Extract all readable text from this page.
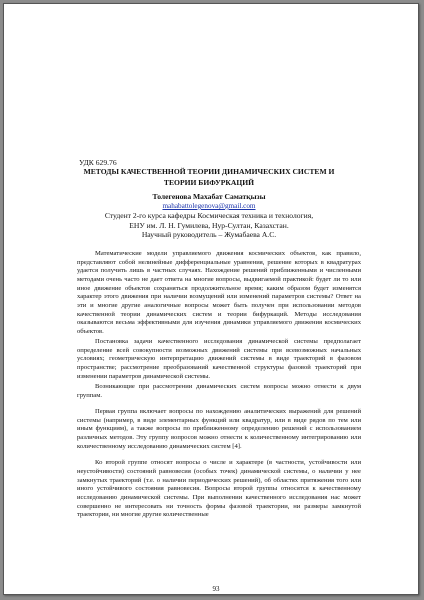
УДК 629.76
МЕТОДЫ КАЧЕСТВЕННОЙ ТЕОРИИ ДИНАМИЧЕСКИХ СИСТЕМ И
ТЕОРИИ БИФУРКАЦИЙ
Толегенова Махабат Саматқызы
mahabattolegenova@gmail.com
Студент 2-го курса кафедры Космическая техника и технология,
ЕНУ им. Л. Н. Гумилева, Нур-Султан, Казахстан.
Научный руководитель – Жумабаева А.С.

Математические модели управляемого движения космических объектов, как правило, представляют собой нелинейные дифференциальные уравнения, решение которых в квадратурах удается получить лишь в частных случаях. Нахождение решений приближенными и численными методами очень часто не дает ответа на многие вопросы, выдвигаемой практикой: будет ли то или иное движение объектов сохраняться продолжительное время; каким образом будет изменятся характер этого движения при наличии возмущений или изменений параметров системы? Ответ на эти и многие другие аналогичные вопросы может быть получен при использовании методов качественной теории динамических систем и теории бифуркаций. Методы исследования оказываются весьма эффективными для изучения динамики управляемого движения космических объектов.

Постановка задачи качественного исследования динамической системы предполагает определение всей совокупности возможных движений системы при всевозможных начальных условиях; геометрическую интерпретацию движений системы в виде траекторий в фазовом пространстве; рассмотрение преобразований качественной структуры фазовой траекторий при изменении параметров динамической системы.

Возникающие при рассмотрении динамических систем вопросы можно отнести к двум группам.

Первая группа включает вопросы по нахождению аналитических выражений для решений системы (например, в виде элементарных функций или квадратур, или в виде рядов по тем или иным функциям), а также вопросы по приближенному определению решений с использованием различных методов. Эту группу вопросов можно отнести к количественному интегрированию или количественному исследованию динамических систем [4].

Ко второй группе относят вопросы о числе и характере (в частности, устойчивости или неустойчивости) состояний равновесия (особых точек) динамической системы, о наличии у нее замкнутых траекторий (т.е. о наличии периодических решений), об областях притяжения того или иного устойчивого состояния равновесия. Вопросы второй группы относятся к качественному исследованию динамической системы. При выполнении качественного исследования нас может совершенно не интересовать ни точность формы фазовой траектории, ни размеры замкнутой траектории, ни многие другие количественные

93
